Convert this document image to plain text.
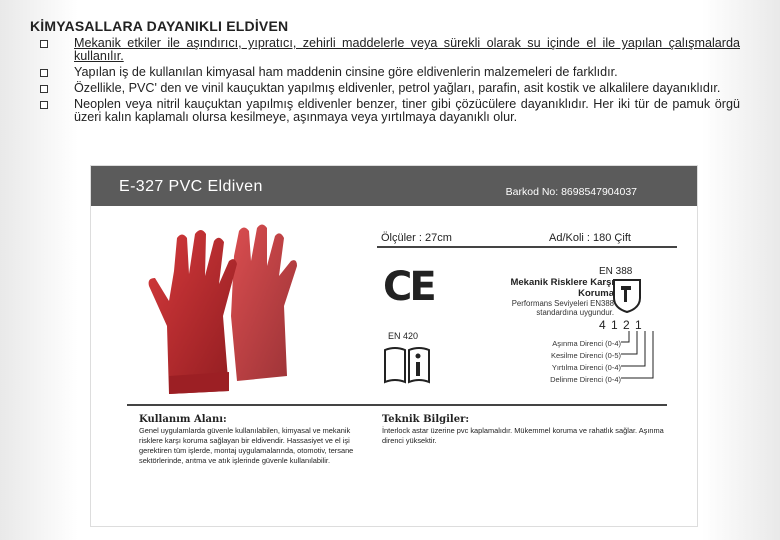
KİMYASALLARA DAYANIKLI ELDİVEN
Mekanik etkiler ile aşındırıcı, yıpratıcı, zehirli maddelerle veya sürekli olarak su içinde el ile yapılan çalışmalarda kullanılır.
Yapılan iş de kullanılan kimyasal ham maddenin cinsine göre eldivenlerin malzemeleri de farklıdır.
Özellikle, PVC' den ve vinil kauçuktan yapılmış eldivenler, petrol yağları, parafin, asit kostik ve alkalilere dayanıklıdır.
Neoplen veya nitril kauçuktan yapılmış eldivenler benzer, tiner gibi çözücülere dayanıklıdır. Her iki tür de pamuk örgü üzeri kalın kaplamalı olursa kesilmeye, aşınmaya veya yırtılmaya dayanıklı olur.
E-327 PVC Eldiven	Barkod No: 8698547904037
Ölçüler : 27cm	Ad/Koli : 180 Çift
CE	EN 388
Mekanik Risklere Karşı Koruma
Performans Seviyeleri EN388 standardına uygundur.
EN 420
4 1 2 1
Aşınma Direnci (0-4)
Kesilme Direnci (0-5)
Yırtılma Direnci (0-4)
Delinme Direnci (0-4)
Kullanım Alanı:
Genel uygulamlarda güvenle kullanılabilen, kimyasal ve mekanik risklere karşı koruma sağlayan bir eldivendir. Hassasiyet ve el işi gerektiren tüm işlerde, montaj uygulamalarında, otomotiv, tersane sektörlerinde, arıtma ve atık işlerinde güvenle kullanılabilir.
Teknik Bilgiler:
İnterlock astar üzerine pvc kaplamalıdır. Mükemmel koruma ve rahatlık sağlar. Aşınma direnci yüksektir.
